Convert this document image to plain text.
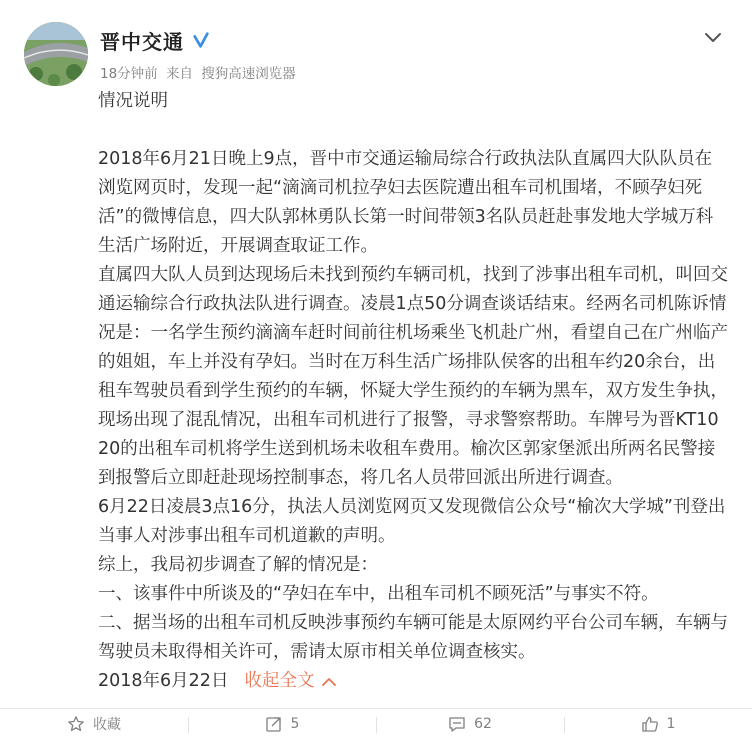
晋中交通
18分钟前 来自 搜狗高速浏览器

情况说明

2018年6月21日晚上9点，晋中市交通运输局综合行政执法队直属四大队队员在浏览网页时，发现一起“滴滴司机拉孕妇去医院遭出租车司机围堵，不顾孕妇死活”的微博信息，四大队郭林勇队长第一时间带领3名队员赶赴事发地大学城万科生活广场附近，开展调查取证工作。

直属四大队人员到达现场后未找到预约车辆司机，找到了涉事出租车司机，叫回交通运输综合行政执法队进行调查。凌晨1点50分调查谈话结束。经两名司机陈诉情况是：一名学生预约滴滴车赶时间前往机场乘坐飞机赴广州，看望自己在广州临产的姐姐，车上并没有孕妇。当时在万科生活广场排队侯客的出租车约20余台，出租车驾驶员看到学生预约的车辆，怀疑大学生预约的车辆为黑车，双方发生争执，现场出现了混乱情况，出租车司机进行了报警，寻求警察帮助。车牌号为晋KT1020的出租车司机将学生送到机场未收租车费用。榆次区郭家堡派出所两名民警接到报警后立即赶赴现场控制事态，将几名人员带回派出所进行调查。

6月22日凌晨3点16分，执法人员浏览网页又发现微信公众号“榆次大学城”刊登出当事人对涉事出租车司机道歉的声明。

综上，我局初步调查了解的情况是：

一、该事件中所谈及的“孕妇在车中，出租车司机不顾死活”与事实不符。

二、据当场的出租车司机反映涉事预约车辆可能是太原网约平台公司车辆，车辆与驾驶员未取得相关许可，需请太原市相关单位调查核实。

2018年6月22日 收起全文
收藏	5	62	1
